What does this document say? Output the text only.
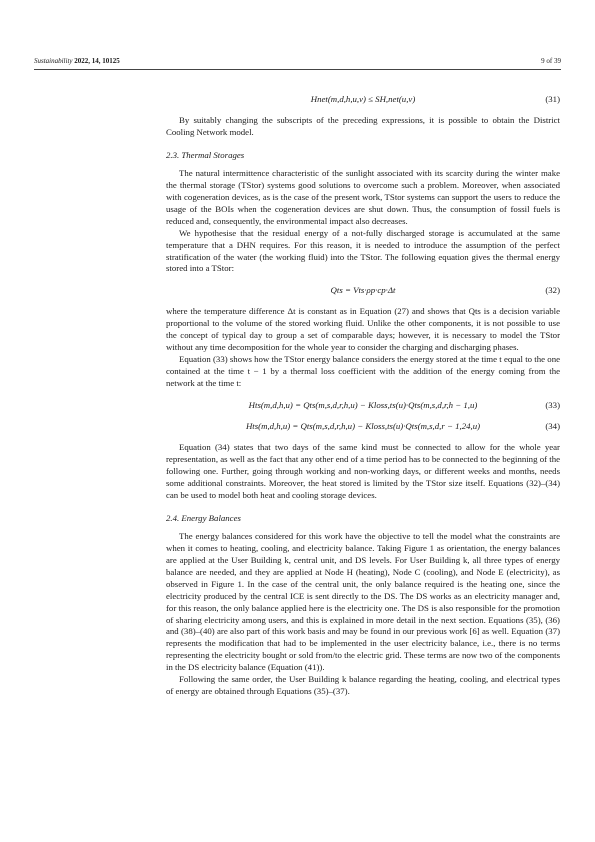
Sustainability 2022, 14, 10125	9 of 39
Hnet(m,d,h,u,v) ≤ SH,net(u,v)	(31)

By suitably changing the subscripts of the preceding expressions, it is possible to obtain the District Cooling Network model.

2.3. Thermal Storages

The natural intermittence characteristic of the sunlight associated with its scarcity during the winter make the thermal storage (TStor) systems good solutions to overcome such a problem. Moreover, when associated with cogeneration devices, as is the case of the present work, TStor systems can support the users to reduce the usage of the BOIs when the cogeneration devices are shut down. Thus, the consumption of fossil fuels is reduced and, consequently, the environmental impact also decreases.

We hypothesise that the residual energy of a not-fully discharged storage is accumulated at the same temperature that a DHN requires. For this reason, it is needed to introduce the assumption of the perfect stratification of the water (the working fluid) into the TStor. The following equation gives the thermal energy stored into a TStor:

Qts = Vts·ρp·cp·Δt	(32)

where the temperature difference Δt is constant as in Equation (27) and shows that Qts is a decision variable proportional to the volume of the stored working fluid. Unlike the other components, it is not possible to use the concept of typical day to group a set of comparable days; however, it is necessary to model the TStor without any time decomposition for the whole year to consider the charging and discharging phases.

Equation (33) shows how the TStor energy balance considers the energy stored at the time t equal to the one contained at the time t − 1 by a thermal loss coefficient with the addition of the energy coming from the network at the time t:

Hts(m,d,h,u) = Qts(m,s,d,r,h,u) − Kloss,ts(u)·Qts(m,s,d,r,h − 1,u)	(33)
Hts(m,d,h,u) = Qts(m,s,d,r,h,u) − Kloss,ts(u)·Qts(m,s,d,r − 1,24,u)	(34)

Equation (34) states that two days of the same kind must be connected to allow for the whole year representation, as well as the fact that any other end of a time period has to be connected to the beginning of the following one. Further, going through working and non-working days, or different weeks and months, needs some additional constraints. Moreover, the heat stored is limited by the TStor size itself. Equations (32)–(34) can be used to model both heat and cooling storage devices.

2.4. Energy Balances

The energy balances considered for this work have the objective to tell the model what the constraints are when it comes to heating, cooling, and electricity balance. Taking Figure 1 as orientation, the energy balances are applied at the User Building k, central unit, and DS levels. For User Building k, all three types of energy balance are needed, and they are applied at Node H (heating), Node C (cooling), and Node E (electricity), as observed in Figure 1. In the case of the central unit, the only balance required is the heating one, since the electricity produced by the central ICE is sent directly to the DS. The DS works as an electricity manager and, for this reason, the only balance applied here is the electricity one. The DS is also responsible for the promotion of sharing electricity among users, and this is explained in more detail in the next section. Equations (35), (36) and (38)–(40) are also part of this work basis and may be found in our previous work [6] as well. Equation (37) represents the modification that had to be implemented in the user electricity balance, i.e., there is no terms representing the electricity bought or sold from/to the electric grid. These terms are now two of the components in the DS electricity balance (Equation (41)).

Following the same order, the User Building k balance regarding the heating, cooling, and electrical types of energy are obtained through Equations (35)–(37).
